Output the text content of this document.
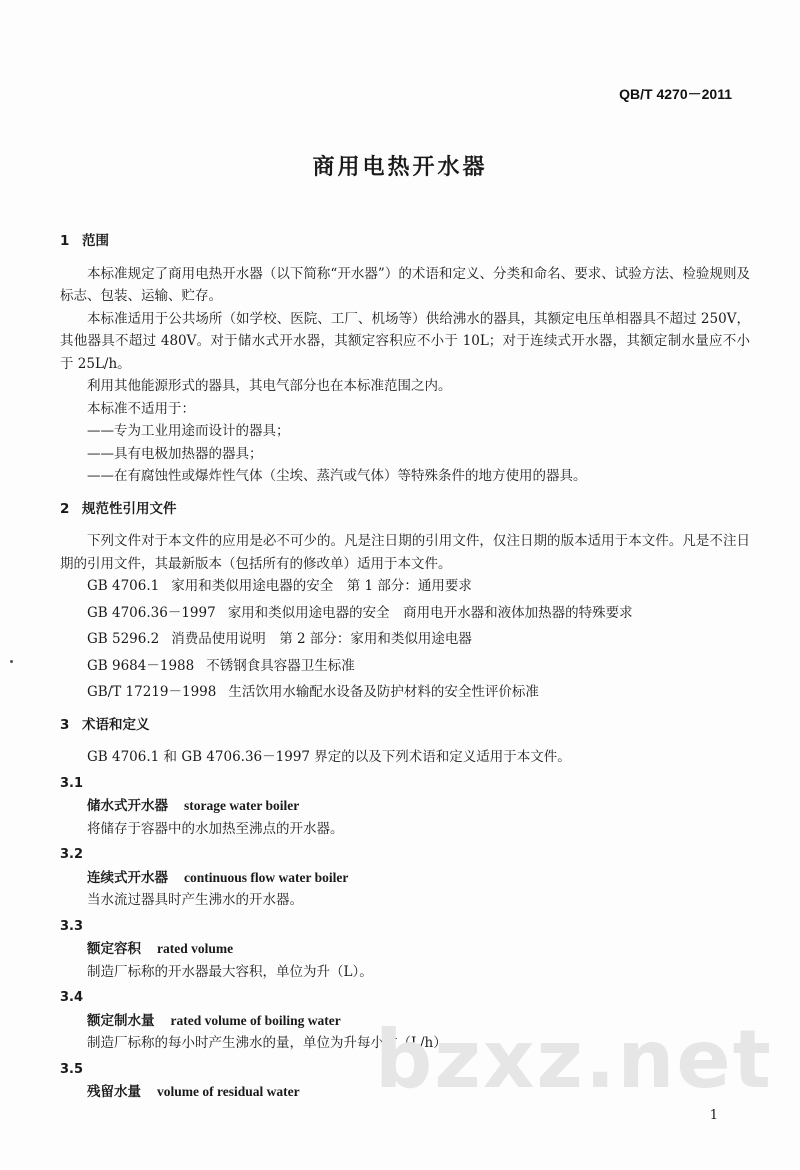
QB/T 4270－2011
商用电热开水器

1 范围

本标准规定了商用电热开水器（以下简称“开水器”）的术语和定义、分类和命名、要求、试验方法、检验规则及标志、包装、运输、贮存。

本标准适用于公共场所（如学校、医院、工厂、机场等）供给沸水的器具，其额定电压单相器具不超过 250V，其他器具不超过 480V。对于储水式开水器，其额定容积应不小于 10L；对于连续式开水器，其额定制水量应不小于 25L/h。

利用其他能源形式的器具，其电气部分也在本标准范围之内。

本标准不适用于：

——专为工业用途而设计的器具；

——具有电极加热器的器具；

——在有腐蚀性或爆炸性气体（尘埃、蒸汽或气体）等特殊条件的地方使用的器具。

2 规范性引用文件

下列文件对于本文件的应用是必不可少的。凡是注日期的引用文件，仅注日期的版本适用于本文件。凡是不注日期的引用文件，其最新版本（包括所有的修改单）适用于本文件。

GB 4706.1 家用和类似用途电器的安全　第 1 部分：通用要求

GB 4706.36－1997 家用和类似用途电器的安全　商用电开水器和液体加热器的特殊要求

GB 5296.2 消费品使用说明　第 2 部分：家用和类似用途电器

GB 9684－1988 不锈钢食具容器卫生标准

GB/T 17219－1998 生活饮用水输配水设备及防护材料的安全性评价标准

3 术语和定义

GB 4706.1 和 GB 4706.36－1997 界定的以及下列术语和定义适用于本文件。

3.1

储水式开水器 storage water boiler

将储存于容器中的水加热至沸点的开水器。

3.2

连续式开水器 continuous flow water boiler

当水流过器具时产生沸水的开水器。

3.3

额定容积 rated volume

制造厂标称的开水器最大容积，单位为升（L）。

3.4

额定制水量 rated volume of boiling water

制造厂标称的每小时产生沸水的量，单位为升每小时（L/h）。

3.5

残留水量 volume of residual water bzxz.net
1
